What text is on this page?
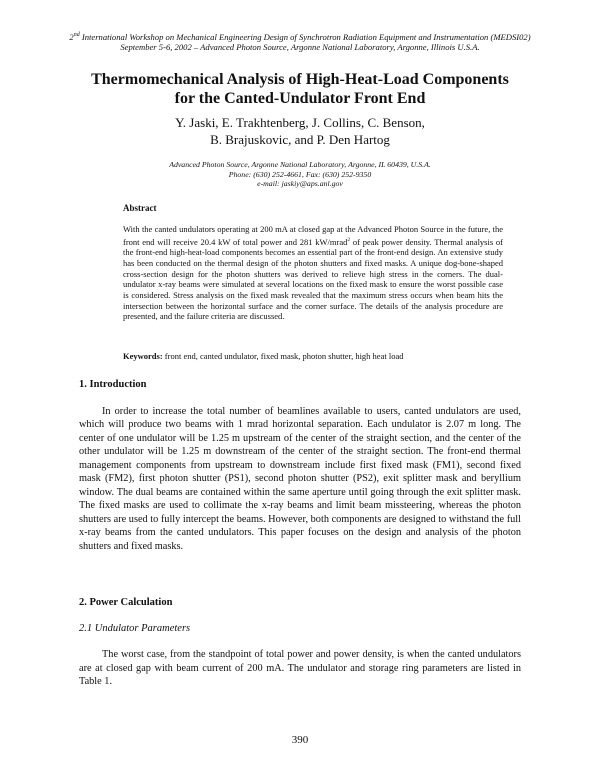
2nd International Workshop on Mechanical Engineering Design of Synchrotron Radiation Equipment and Instrumentation (MEDSI02)
September 5-6, 2002 – Advanced Photon Source, Argonne National Laboratory, Argonne, Illinois U.S.A.
Thermomechanical Analysis of High-Heat-Load Components
for the Canted-Undulator Front End
Y. Jaski, E. Trakhtenberg, J. Collins, C. Benson,
B. Brajuskovic, and P. Den Hartog
Advanced Photon Source, Argonne National Laboratory, Argonne, IL 60439, U.S.A.
Phone: (630) 252-4661, Fax: (630) 252-9350
e-mail: jaskiy@aps.anl.gov
Abstract
With the canted undulators operating at 200 mA at closed gap at the Advanced Photon Source in the future, the front end will receive 20.4 kW of total power and 281 kW/mrad$^2$ of peak power density. Thermal analysis of the front-end high-heat-load components becomes an essential part of the front-end design. An extensive study has been conducted on the thermal design of the photon shutters and fixed masks. A unique dog-bone-shaped cross-section design for the photon shutters was derived to relieve high stress in the corners. The dual-undulator x-ray beams were simulated at several locations on the fixed mask to ensure the worst possible case is considered. Stress analysis on the fixed mask revealed that the maximum stress occurs when beam hits the intersection between the horizontal surface and the corner surface. The details of the analysis procedure are presented, and the failure criteria are discussed.
Keywords: front end, canted undulator, fixed mask, photon shutter, high heat load
1. Introduction
In order to increase the total number of beamlines available to users, canted undulators are used, which will produce two beams with 1 mrad horizontal separation. Each undulator is 2.07 m long. The center of one undulator will be 1.25 m upstream of the center of the straight section, and the center of the other undulator will be 1.25 m downstream of the center of the straight section. The front-end thermal management components from upstream to downstream include first fixed mask (FM1), second fixed mask (FM2), first photon shutter (PS1), second photon shutter (PS2), exit splitter mask and beryllium window. The dual beams are contained within the same aperture until going through the exit splitter mask. The fixed masks are used to collimate the x-ray beams and limit beam missteering, whereas the photon shutters are used to fully intercept the beams. However, both components are designed to withstand the full x-ray beams from the canted undulators. This paper focuses on the design and analysis of the photon shutters and fixed masks.
2. Power Calculation
2.1 Undulator Parameters
The worst case, from the standpoint of total power and power density, is when the canted undulators are at closed gap with beam current of 200 mA. The undulator and storage ring parameters are listed in Table 1.
390
